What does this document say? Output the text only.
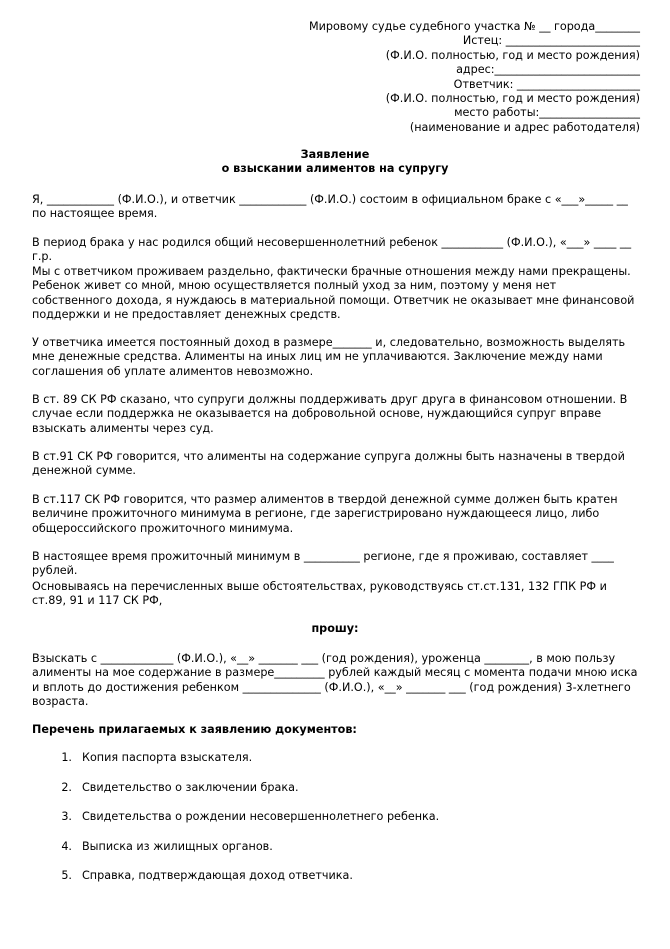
Мировому судье судебного участка № __ города________
Истец: ________________________
(Ф.И.О. полностью, год и место рождения)
адрес:__________________________
Ответчик: ______________________
(Ф.И.О. полностью, год и место рождения)
место работы:__________________
(наименование и адрес работодателя)
Заявление
о взыскании алиментов на супругу
Я, ____________ (Ф.И.О.), и ответчик ____________ (Ф.И.О.) состоим в официальном браке с «___»_____ __ по настоящее время.
В период брака у нас родился общий несовершеннолетний ребенок ___________ (Ф.И.О.), «___» ____ __ г.р.
Мы с ответчиком проживаем раздельно, фактически брачные отношения между нами прекращены. Ребенок живет со мной, мною осуществляется полный уход за ним, поэтому у меня нет собственного дохода, я нуждаюсь в материальной помощи. Ответчик не оказывает мне финансовой поддержки и не предоставляет денежных средств.
У ответчика имеется постоянный доход в размере_______ и, следовательно, возможность выделять мне денежные средства. Алименты на иных лиц им не уплачиваются. Заключение между нами соглашения об уплате алиментов невозможно.
В ст. 89 СК РФ сказано, что супруги должны поддерживать друг друга в финансовом отношении. В случае если поддержка не оказывается на добровольной основе, нуждающийся супруг вправе взыскать алименты через суд.
В ст.91 СК РФ говорится, что алименты на содержание супруга должны быть назначены в твердой денежной сумме.
В ст.117 СК РФ говорится, что размер алиментов в твердой денежной сумме должен быть кратен величине прожиточного минимума в регионе, где зарегистрировано нуждающееся лицо, либо общероссийского прожиточного минимума.
В настоящее время прожиточный минимум в __________ регионе, где я проживаю, составляет ____ рублей.
Основываясь на перечисленных выше обстоятельствах, руководствуясь ст.ст.131, 132 ГПК РФ и ст.89, 91 и 117 СК РФ,
прошу:
Взыскать с _____________ (Ф.И.О.), «__» _______ ___ (год рождения), уроженца ________, в мою пользу алименты на мое содержание в размере_________ рублей каждый месяц с момента подачи мною иска и вплоть до достижения ребенком ______________ (Ф.И.О.), «__» _______ ___ (год рождения) 3-хлетнего возраста.
Перечень прилагаемых к заявлению документов:
1. Копия паспорта взыскателя.
2. Свидетельство о заключении брака.
3. Свидетельства о рождении несовершеннолетнего ребенка.
4. Выписка из жилищных органов.
5. Справка, подтверждающая доход ответчика.
